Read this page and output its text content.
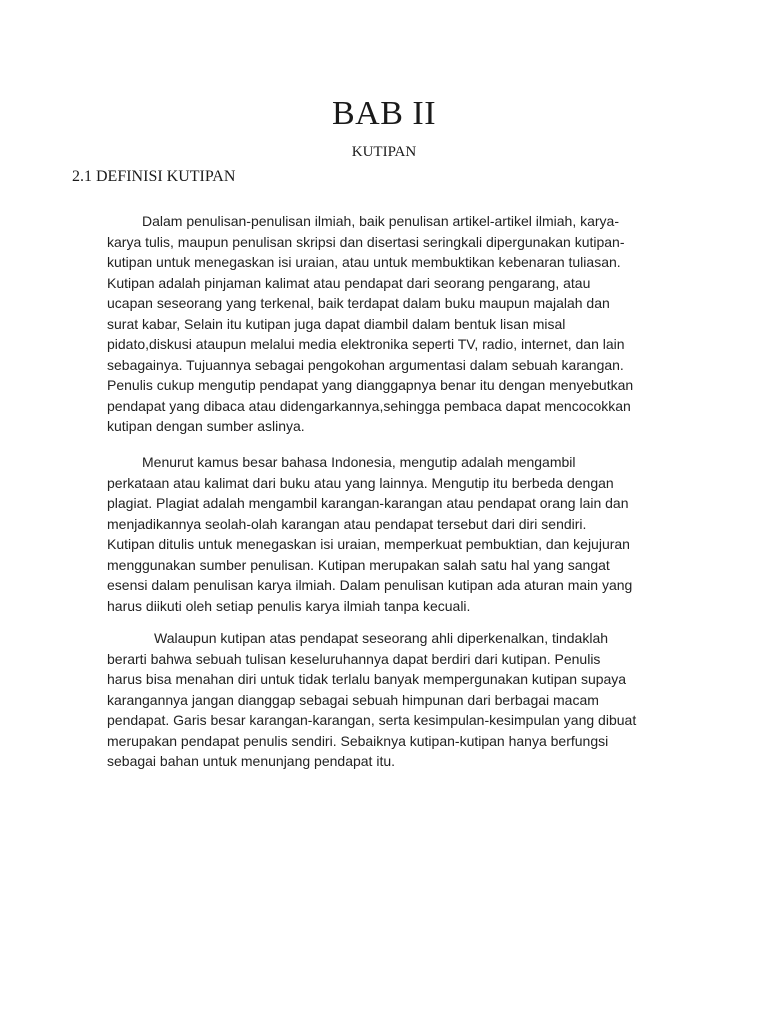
BAB II
KUTIPAN
2.1 DEFINISI KUTIPAN
Dalam penulisan-penulisan ilmiah, baik penulisan artikel-artikel ilmiah, karya-
karya tulis, maupun penulisan skripsi dan disertasi seringkali dipergunakan kutipan-
kutipan untuk menegaskan isi uraian, atau untuk membuktikan kebenaran tuliasan.
Kutipan adalah pinjaman kalimat atau pendapat dari seorang pengarang, atau
ucapan seseorang yang terkenal, baik terdapat dalam buku maupun majalah dan
surat kabar, Selain itu kutipan juga dapat diambil dalam bentuk lisan misal
pidato,diskusi ataupun melalui media elektronika seperti TV, radio, internet, dan lain
sebagainya. Tujuannya sebagai pengokohan argumentasi dalam sebuah karangan.
Penulis cukup mengutip pendapat yang dianggapnya benar itu dengan menyebutkan
pendapat yang dibaca atau didengarkannya,sehingga pembaca dapat mencocokkan
kutipan dengan sumber aslinya.
Menurut kamus besar bahasa Indonesia, mengutip adalah mengambil
perkataan atau kalimat dari buku atau yang lainnya. Mengutip itu berbeda dengan
plagiat. Plagiat adalah mengambil karangan-karangan atau pendapat orang lain dan
menjadikannya seolah-olah karangan atau pendapat tersebut dari diri sendiri.
Kutipan ditulis untuk menegaskan isi uraian, memperkuat pembuktian, dan kejujuran
menggunakan sumber penulisan. Kutipan merupakan salah satu hal yang sangat
esensi dalam penulisan karya ilmiah. Dalam penulisan kutipan ada aturan main yang
harus diikuti oleh setiap penulis karya ilmiah tanpa kecuali.
Walaupun kutipan atas pendapat seseorang ahli diperkenalkan, tindaklah
berarti bahwa sebuah tulisan keseluruhannya dapat berdiri dari kutipan. Penulis
harus bisa menahan diri untuk tidak terlalu banyak mempergunakan kutipan supaya
karangannya jangan dianggap sebagai sebuah himpunan dari berbagai macam
pendapat. Garis besar karangan-karangan, serta kesimpulan-kesimpulan yang dibuat
merupakan pendapat penulis sendiri. Sebaiknya kutipan-kutipan hanya berfungsi
sebagai bahan untuk menunjang pendapat itu.
